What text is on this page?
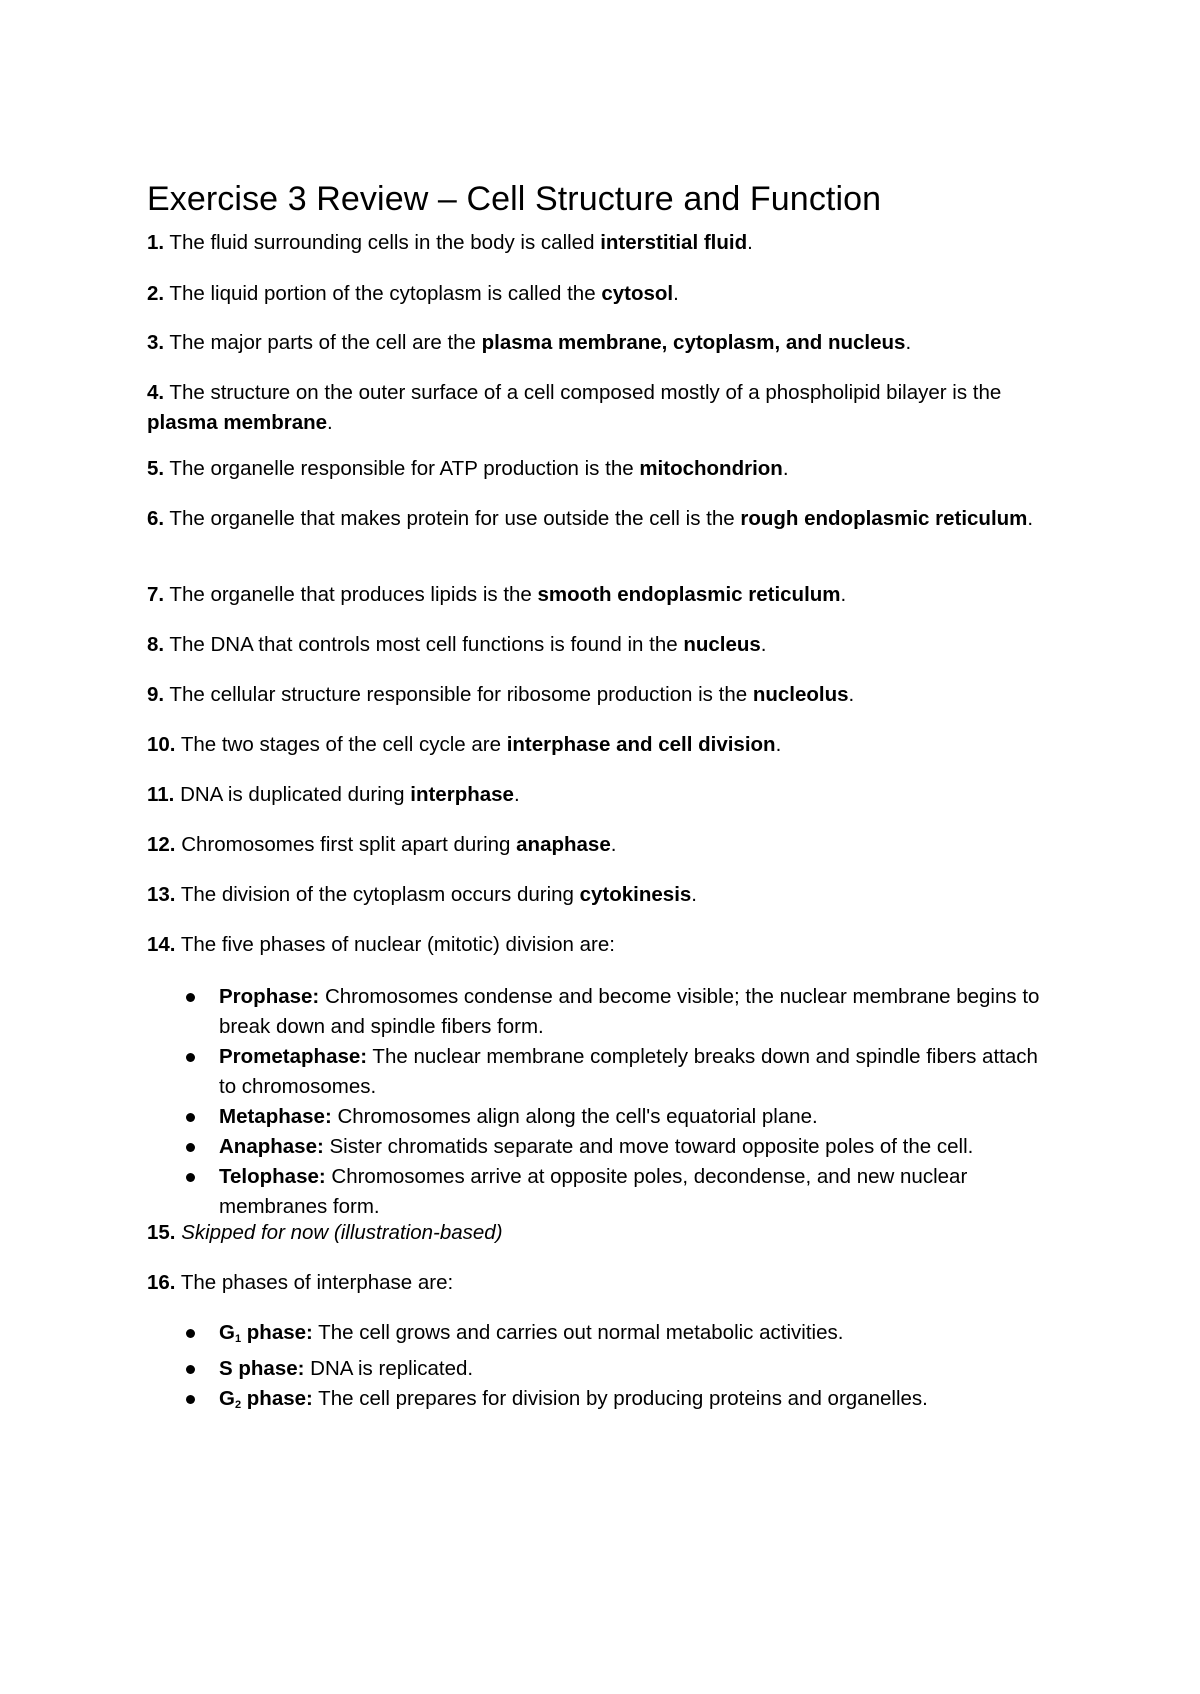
Exercise 3 Review – Cell Structure and Function

1. The fluid surrounding cells in the body is called interstitial fluid.

2. The liquid portion of the cytoplasm is called the cytosol.

3. The major parts of the cell are the plasma membrane, cytoplasm, and nucleus.

4. The structure on the outer surface of a cell composed mostly of a phospholipid bilayer is the plasma membrane.

5. The organelle responsible for ATP production is the mitochondrion.

6. The organelle that makes protein for use outside the cell is the rough endoplasmic reticulum.

7. The organelle that produces lipids is the smooth endoplasmic reticulum.

8. The DNA that controls most cell functions is found in the nucleus.

9. The cellular structure responsible for ribosome production is the nucleolus.

10. The two stages of the cell cycle are interphase and cell division.

11. DNA is duplicated during interphase.

12. Chromosomes first split apart during anaphase.

13. The division of the cytoplasm occurs during cytokinesis.

14. The five phases of nuclear (mitotic) division are:

Prophase: Chromosomes condense and become visible; the nuclear membrane begins to break down and spindle fibers form.
Prometaphase: The nuclear membrane completely breaks down and spindle fibers attach to chromosomes.
Metaphase: Chromosomes align along the cell's equatorial plane.
Anaphase: Sister chromatids separate and move toward opposite poles of the cell.
Telophase: Chromosomes arrive at opposite poles, decondense, and new nuclear membranes form.

15. Skipped for now (illustration-based)

16. The phases of interphase are:

$G_1$ phase: The cell grows and carries out normal metabolic activities.
S phase: DNA is replicated.
$G_2$ phase: The cell prepares for division by producing proteins and organelles.
